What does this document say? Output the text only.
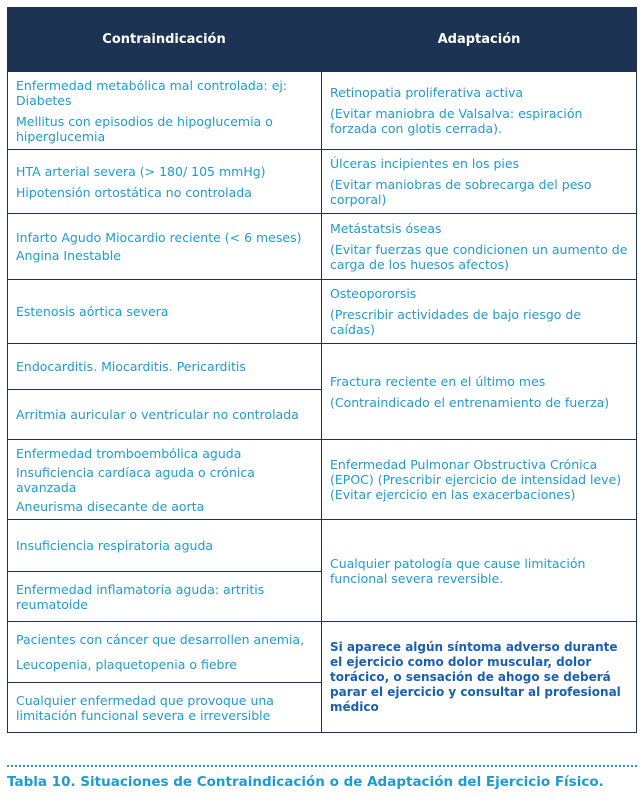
Contraindicación	Adaptación

Enfermedad metabólica mal controlada: ej: Diabetes

Mellitus con episodios de hipoglucemia o hiperglucemia

Retinopatia proliferativa activa

(Evitar maniobra de Valsalva: espiración forzada con glotis cerrada).

HTA arterial severa (> 180/ 105 mmHg)

Hipotensión ortostática no controlada

Úlceras incipientes en los pies

(Evitar maniobras de sobrecarga del peso corporal)

Infarto Agudo Miocardio reciente (< 6 meses)

Angina Inestable

Metástatsis óseas

(Evitar fuerzas que condicionen un aumento de carga de los huesos afectos)

Estenosis aórtica severa

Osteopororsis

(Prescribir actividades de bajo riesgo de caídas)

Endocarditis. Miocarditis. Pericarditis

Arritmia auricular o ventricular no controlada

Fractura reciente en el último mes

(Contraindicado el entrenamiento de fuerza)

Enfermedad tromboembólica aguda

Insuficiencia cardíaca aguda o crónica avanzada

Aneurisma disecante de aorta

Enfermedad Pulmonar Obstructiva Crónica (EPOC) (Prescribir ejercicio de intensidad leve) (Evitar ejercicio en las exacerbaciones)

Insuficiencia respiratoria aguda

Enfermedad inflamatoria aguda: artritis reumatoide

Cualquier patología que cause limitación funcional severa reversible.

Pacientes con cáncer que desarrollen anemia,

Leucopenia, plaquetopenia o fiebre

Cualquier enfermedad que provoque una limitación funcional severa e irreversible

Si aparece algún síntoma adverso durante el ejercicio como dolor muscular, dolor torácico, o sensación de ahogo se deberá parar el ejercicio y consultar al profesional médico

Tabla 10. Situaciones de Contraindicación o de Adaptación del Ejercicio Físico.
